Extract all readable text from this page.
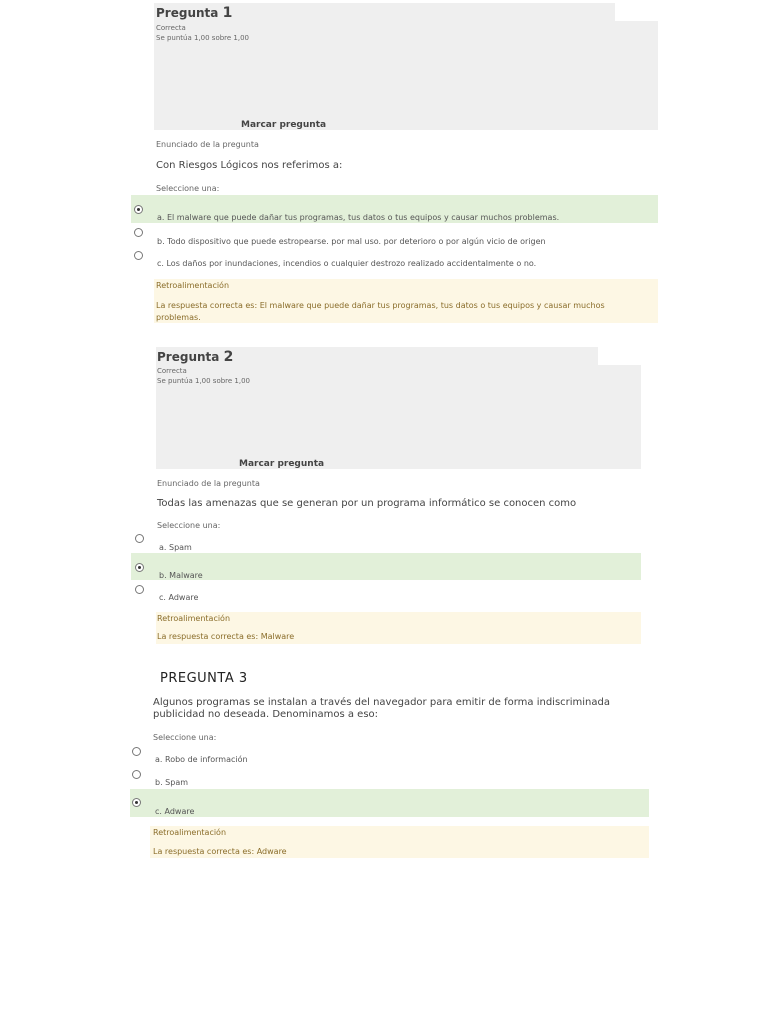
Pregunta 1
Correcta
Se puntúa 1,00 sobre 1,00
Marcar pregunta
Enunciado de la pregunta
Con Riesgos Lógicos nos referimos a:
Seleccione una:
a. El malware que puede dañar tus programas, tus datos o tus equipos y causar muchos problemas.
b. Todo dispositivo que puede estropearse. por mal uso. por deterioro o por algún vicio de origen
c. Los daños por inundaciones, incendios o cualquier destrozo realizado accidentalmente o no.
Retroalimentación
La respuesta correcta es: El malware que puede dañar tus programas, tus datos o tus equipos y causar muchos problemas.
Pregunta 2
Correcta
Se puntúa 1,00 sobre 1,00
Marcar pregunta
Enunciado de la pregunta
Todas las amenazas que se generan por un programa informático se conocen como
Seleccione una:
a. Spam
b. Malware
c. Adware
Retroalimentación
La respuesta correcta es: Malware
PREGUNTA 3
Algunos programas se instalan a través del navegador para emitir de forma indiscriminada publicidad no deseada. Denominamos a eso:
Seleccione una:
a. Robo de información
b. Spam
c. Adware
Retroalimentación
La respuesta correcta es: Adware
